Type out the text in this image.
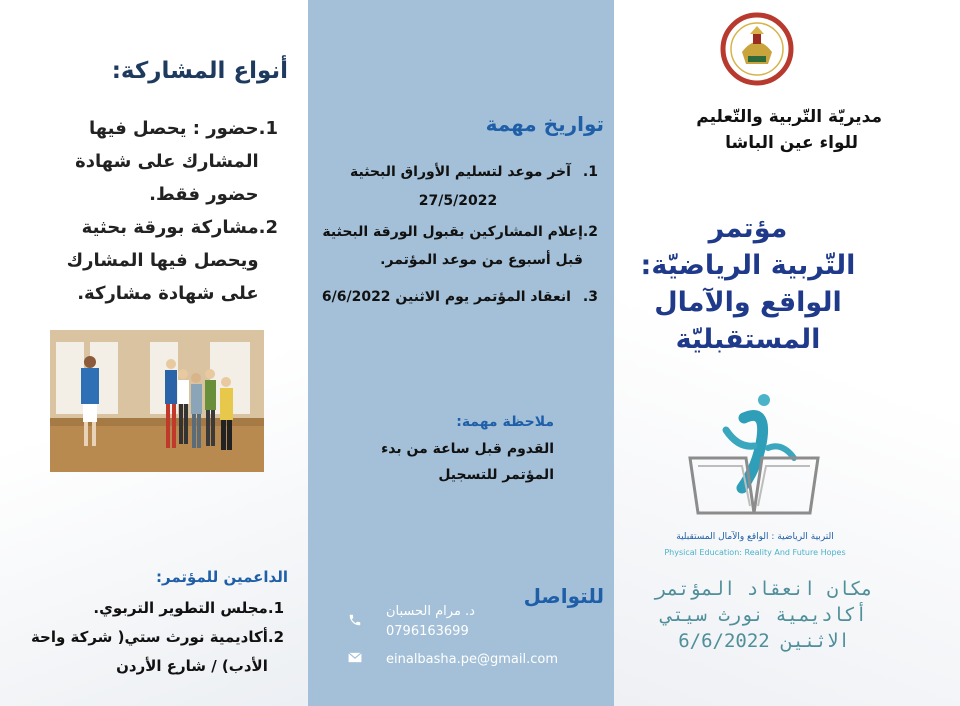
أنواع المشاركة:
1.
حضور : يحصل فيها المشارك على شهادة حضور فقط.
2.
مشاركة بورقة بحثية ويحصل فيها المشارك على شهادة مشاركة.
الداعمين للمؤتمر:
1.
مجلس التطوير التربوي.
2.
أكاديمية نورث ستي( شركة واحة الأدب) / شارع الأردن
تواريخ مهمة
1.
آخر موعد لتسليم الأوراق البحثية
27/5/2022
2.
إعلام المشاركين بقبول الورقة البحثية قبل أسبوع من موعد المؤتمر.
3.
انعقاد المؤتمر يوم الاثنين 6/6/2022
ملاحظة مهمة:
القدوم قبل ساعة من بدء المؤتمر للتسجيل
للتواصل
د. مرام الحسبان
0796163699
einalbasha.pe@gmail.com
مديريّة التّربية والتّعليم
للواء عين الباشا
مؤتمر
التّربية الرياضيّة:
الواقع والآمال
المستقبليّة
التربية الرياضية : الواقع والآمال المستقبلية
Physical Education: Reality And Future Hopes
مكان انعقاد المؤتمر
أكاديمية نورث سيتي
الاثنين 6/6/2022
